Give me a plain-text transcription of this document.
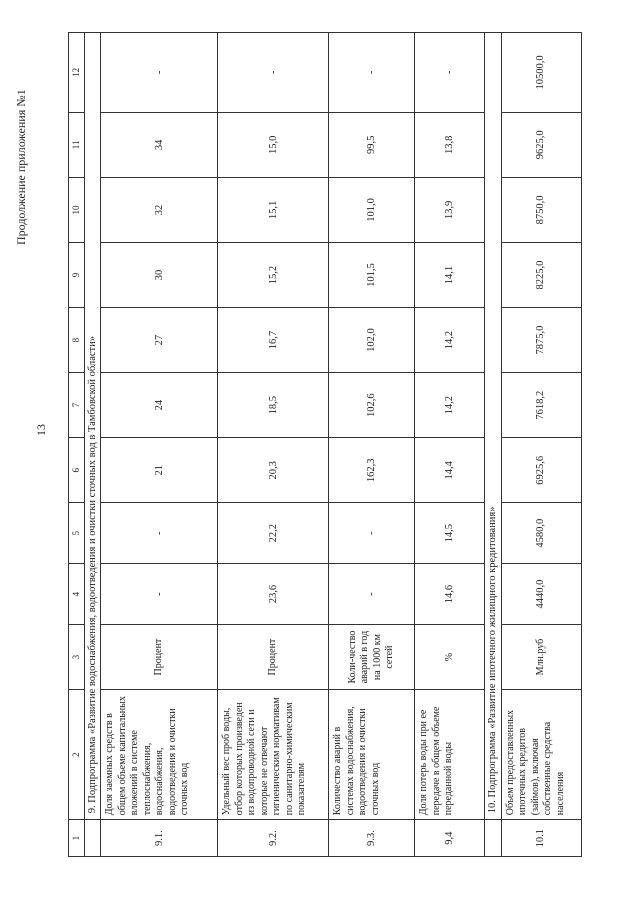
13
Продолжение приложения №1
1	2	3	4	5	6	7	8	9	10	11	12
	9. Подпрограмма «Развитие водоснабжения, водоотведения и очистки сточных вод в Тамбовской области»										
9.1.	Доля заемных средств в общем объеме капитальных вложений в системе теплоснабжения, водоснабжения, водоотведения и очистки сточных вод	Процент	-	-	21	24	27	30	32	34	-
9.2.	Удельный вес проб воды, отбор которых произведен из водопроводной сети и которые не отвечают гигиеническим нормативам по санитарно-химическим показателям	Процент	23,6	22,2	20,3	18,5	16,7	15,2	15,1	15,0	-
9.3.	Количество аварий в системах водоснабжения, водоотведения и очистки сточных вод	Коли-чество аварий в год на 1000 км сетей	-	-	162,3	102,6	102,0	101,5	101,0	99,5	-
9,4	Доля потерь воды при ее передаче в общем объеме переданной воды	%	14,6	14,5	14,4	14,2	14,2	14,1	13,9	13,8	-
	10. Подпрограмма «Развитие ипотечного жилищного кредитования»										
10.1	Объем предоставленных ипотечных кредитов (займов), включая собственные средства населения	Млн.руб	4440,0	4580,0	6925,6	7618,2	7875,0	8225,0	8750,0	9625,0	10500,0
